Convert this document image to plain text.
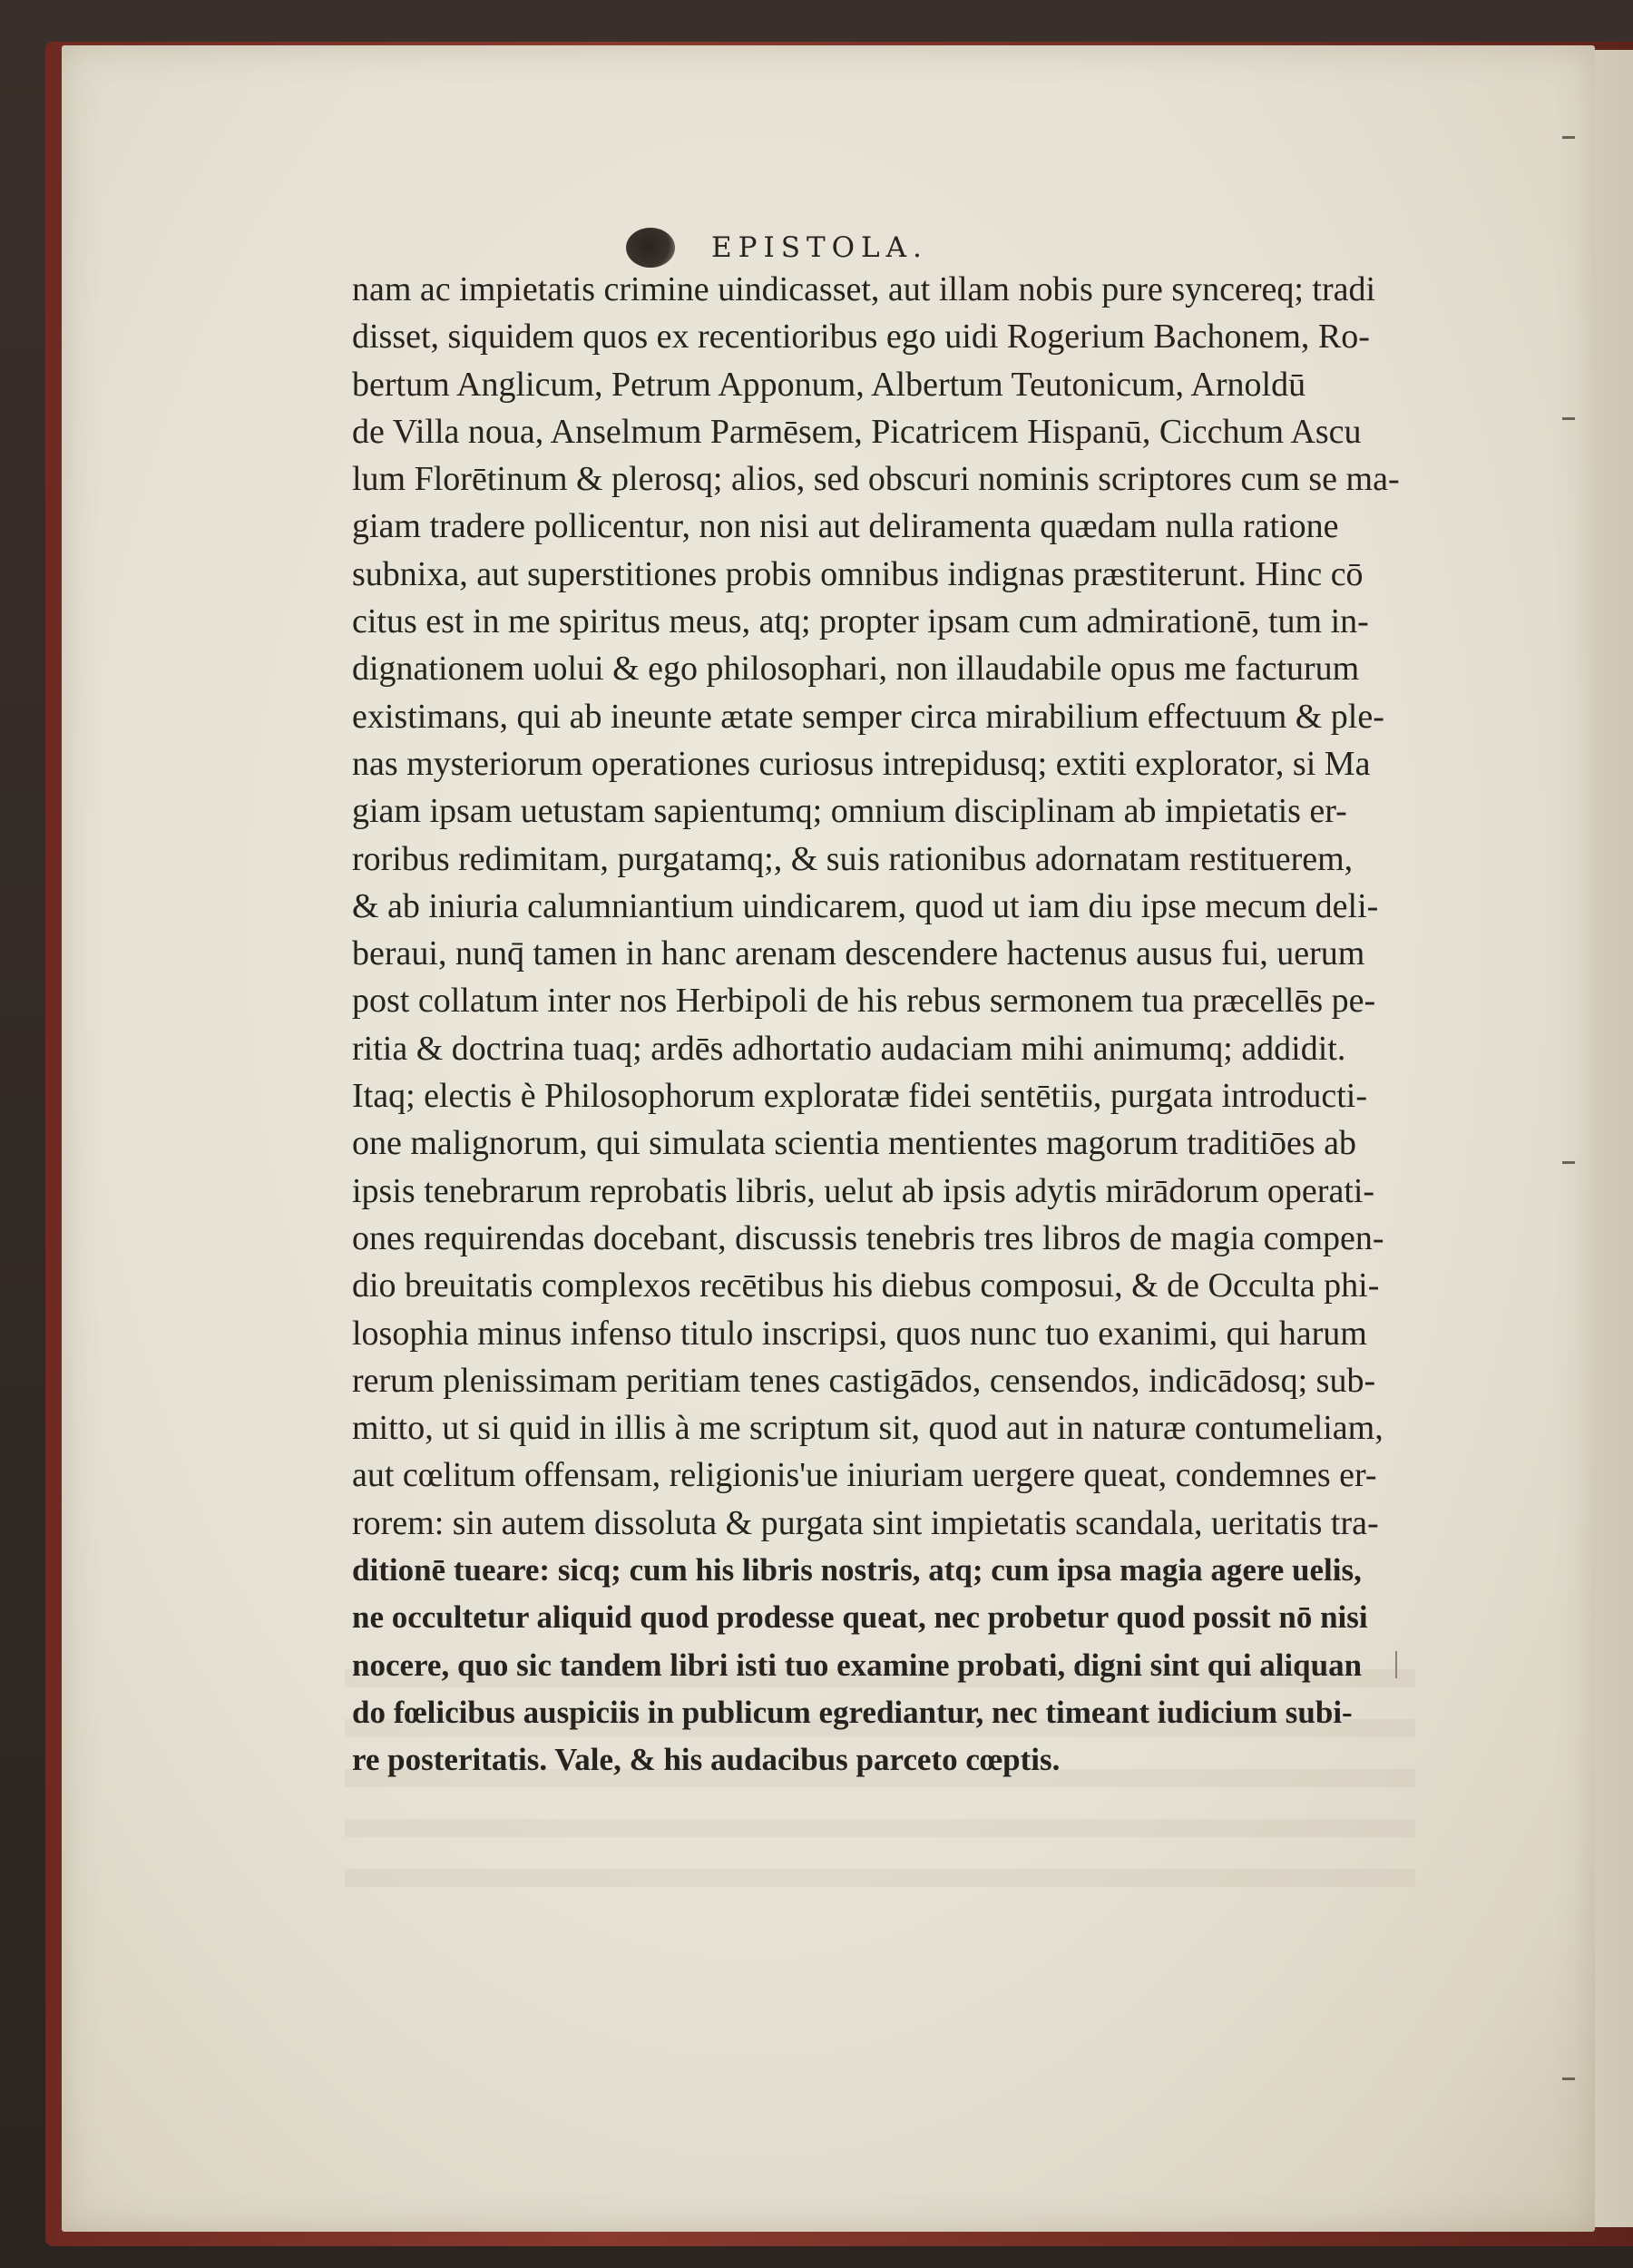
EPISTOLA.
nam ac impietatis crimine uindicasset, aut illam nobis pure syncereq; tradi
disset, siquidem quos ex recentioribus ego uidi Rogerium Bachonem, Ro-
bertum Anglicum, Petrum Apponum, Albertum Teutonicum, Arnoldū
de Villa noua, Anselmum Parmēsem, Picatricem Hispanū, Cicchum Ascu
lum Florētinum & plerosq; alios, sed obscuri nominis scriptores cum se ma-
giam tradere pollicentur, non nisi aut deliramenta quædam nulla ratione
subnixa, aut superstitiones probis omnibus indignas præstiterunt. Hinc cō
citus est in me spiritus meus, atq; propter ipsam cum admirationē, tum in-
dignationem uolui & ego philosophari, non illaudabile opus me facturum
existimans, qui ab ineunte ætate semper circa mirabilium effectuum & ple-
nas mysteriorum operationes curiosus intrepidusq; extiti explorator, si Ma
giam ipsam uetustam sapientumq; omnium disciplinam ab impietatis er-
roribus redimitam, purgatamq;, & suis rationibus adornatam restituerem,
& ab iniuria calumniantium uindicarem, quod ut iam diu ipse mecum deli-
beraui, nunq̄ tamen in hanc arenam descendere hactenus ausus fui, uerum
post collatum inter nos Herbipoli de his rebus sermonem tua præcellēs pe-
ritia & doctrina tuaq; ardēs adhortatio audaciam mihi animumq; addidit.
Itaq; electis è Philosophorum exploratæ fidei sentētiis, purgata introducti-
one malignorum, qui simulata scientia mentientes magorum traditiōes ab
ipsis tenebrarum reprobatis libris, uelut ab ipsis adytis mirādorum operati-
ones requirendas docebant, discussis tenebris tres libros de magia compen-
dio breuitatis complexos recētibus his diebus composui, & de Occulta phi-
losophia minus infenso titulo inscripsi, quos nunc tuo exanimi, qui harum
rerum plenissimam peritiam tenes castigādos, censendos, indicādosq; sub-
mitto, ut si quid in illis à me scriptum sit, quod aut in naturæ contumeliam,
aut cœlitum offensam, religionis'ue iniuriam uergere queat, condemnes er-
rorem: sin autem dissoluta & purgata sint impietatis scandala, ueritatis tra-
ditionē tueare: sicq; cum his libris nostris, atq; cum ipsa magia agere uelis,
ne occultetur aliquid quod prodesse queat, nec probetur quod possit nō nisi
nocere, quo sic tandem libri isti tuo examine probati, digni sint qui aliquan
do fœlicibus auspiciis in publicum egrediantur, nec timeant iudicium subi-
re posteritatis. Vale, & his audacibus parceto cœptis.
